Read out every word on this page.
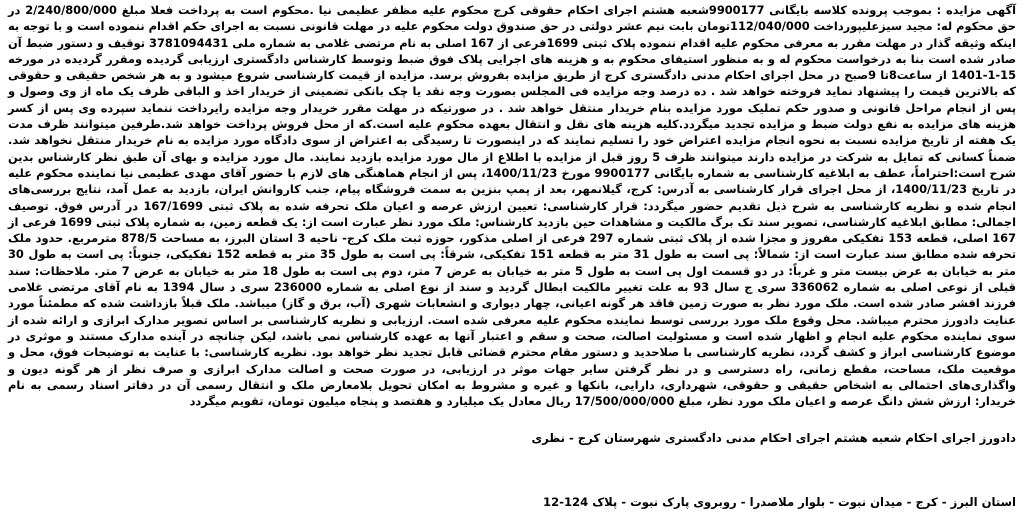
آگهی مزایده : بموجب پرونده کلاسه بایگانی 9900177شعبه هشتم اجرای احکام حقوقی کرج محکوم علیه مظفر عظیمی نیا .محکوم است به پرداخت فعلا مبلغ 2/240/800/000 در حق محکوم له: مجید سیزعلیپورداخت 112/040/000تومان بابت نیم عشر دولتی در حق صندوق دولت محکوم علیه در مهلت قانونی نسبت به اجرای حکم اقدام ننموده است و با توجه به اینکه وثیقه گذار در مهلت مقرر به معرفی محکوم علیه اقدام ننموده پلاک ثبتی 1699فرعی از 167 اصلی به نام مرتضی غلامی به شماره ملی 3781094431 توقیف و دستور ضبط آن صادر شده است بنا به درخواست محکوم له و به منظور استیفای محکوم به و هزینه های اجرایی پلاک فوق ضبط وتوسط کارشناس دادگستری ارزیابی گردیده ومقرر گردیده در مورخه 15-1-1401 از ساعت8تا 9صبح در محل اجرای احکام مدنی دادگستری کرج از طریق مزایده بفروش برسد. مزایده از قیمت کارشناسی شروع میشود و به هر شخص حقیقی و حقوقی که بالاترین قیمت را پیشنهاد نماید فروخته خواهد شد . ده درصد وجه مزایده فی المجلس بصورت وجه نقد یا چک بانکی تضمینی از خریدار اخذ و الباقی ظرف یک ماه از وی وصول و پس از انجام مراحل قانونی و صدور حکم تملیک مورد مزایده بنام خریدار منتقل خواهد شد . در صورتیکه در مهلت مقرر خریدار وجه مزایده رایرداخت ننماید سپرده وی پس از کسر هزینه های مزایده به نفع دولت ضبط و مزایده تجدید میگردد.کلیه هزینه های نقل و انتقال بعهده محکوم علیه است.که از محل فروش پرداخت خواهد شد.طرفین میتوانند ظرف مدت یک هفته از تاریخ مزایده نسبت به نحوه انجام مزایده اعتراض خود را تسلیم نمایند که در اینصورت تا رسیدگی به اعتراض از سوی دادگاه مورد مزایده به نام خریدار منتقل نخواهد شد. ضمناً کسانی که تمایل به شرکت در مزایده دارند میتوانند ظرف 5 روز قبل از مزایده با اطلاع از مال مورد مزایده بازدید نمایند. مال مورد مزایده و بهای آن طبق نظر کارشناس بدین شرح است:احتراماً، عطف به ابلاغیه کارشناسی به شماره بایگانی 9900177 مورخ 1400/11/23، پس از انجام هماهنگی های لازم با حضور آقای مهدی عظیمی نیا نماینده محکوم علیه در تاریخ 1400/11/23، از محل اجرای قرار کارشناسی به آدرس: کرج، گیلانمهر، بعد از پمپ بنزین به سمت فروشگاه پیام، جنب کاروانش ایران، بازدید به عمل آمد، نتایج بررسی‌های انجام شده و نظریه کارشناسی به شرح ذیل تقدیم حضور میگردد: قرار کارشناسی: تعیین ارزش عرصه و اعیان ملک تحرفه شده به پلاک ثبتی 167/1699 در آدرس فوق. توصیف اجمالی: مطابق ابلاغیه کارشناسی، تصویر سند تک برگ مالکیت و مشاهدات حین بازدید کارشناس: ملک مورد نظر عبارت است از: یک قطعه زمین، به شماره پلاک ثبتی 1699 فرعی از 167 اصلی، قطعه 153 تفکیکی مفروز و مجزا شده از پلاک ثبتی شماره 297 فرعی از اصلی مذکور، حوزه ثبت ملک کرج- ناحیه 3 استان البرز، به مساحت 878/5 مترمربع. حدود ملک تحرفه شده مطابق سند عبارت است از: شمالاً: پی است به طول 31 متر به قطعه 151 تفکیکی، شرقاً: پی است به طول 35 متر به قطعه 152 تفکیکی، جنوباً: پی است به طول 30 متر به خیابان به عرض بیست متر و غرباً: در دو قسمت اول پی است به طول 5 متر به خیابان به عرض 7 متر، دوم پی است به طول 18 متر به خیابان به عرض 7 متر. ملاحظات: سند قبلی از نوعی اصلی به شماره 336062 سری ج سال 93 به علت تغییر مالکیت ابطال گردید و سند از نوع اصلی به شماره 236000 سری د سال 1394 به نام آقای مرتضی غلامی فرزند افشر صادر شده است. ملک مورد نظر به صورت زمین فاقد هر گونه اعیانی، چهار دیواری و انشعابات شهری (آب، برق و گاز) میباشد. ملک قبلاً بازداشت شده که مطمئناً مورد عنایت دادورز محترم میباشد. محل وقوع ملک مورد بررسی توسط نماینده محکوم علیه معرفی شده است. ارزیابی و نظریه کارشناسی بر اساس تصویر مدارک ابرازی و ارائه شده از سوی نماینده محکوم علیه انجام و اظهار شده است و مسئولیت اصالت، صحت و سقم و اعتبار آنها به عهده کارشناس نمی باشد، لیکن چنانچه در آینده مدارک مستند و موثری در موضوع کارشناسی ابراز و کشف گردد، نظریه کارشناسی با صلاحدید و دستور مقام محترم قضائی قابل تجدید نظر خواهد بود. نظریه کارشناسی: با عنایت به توضیحات فوق، محل و موقعیت ملک، مساحت، مقطع زمانی، راه دسترسی و در نظر گرفتن سایر جهات موثر در ارزیابی، در صورت صحت و اصالت مدارک ابرازی و صرف نظر از هر گونه دیون و واگذاری‌های احتمالی به اشخاص حقیقی و حقوقی، شهرداری، دارایی، بانکها و غیره و مشروط به امکان تحویل بلامعارض ملک و انتقال رسمی آن در دفاتر اسناد رسمی به نام خریدار: ارزش شش دانگ عرصه و اعیان ملک مورد نظر، مبلغ 17/500/000/000 ریال معادل یک میلیارد و هفتصد و پنجاه میلیون تومان، تقویم میگردد

دادورز اجرای احکام شعبه هشتم اجرای احکام مدنی دادگستری شهرستان کرج - نظری

استان البرز - کرج - میدان نبوت - بلوار ملاصدرا - روبروی پارک نبوت - پلاک 124-12
